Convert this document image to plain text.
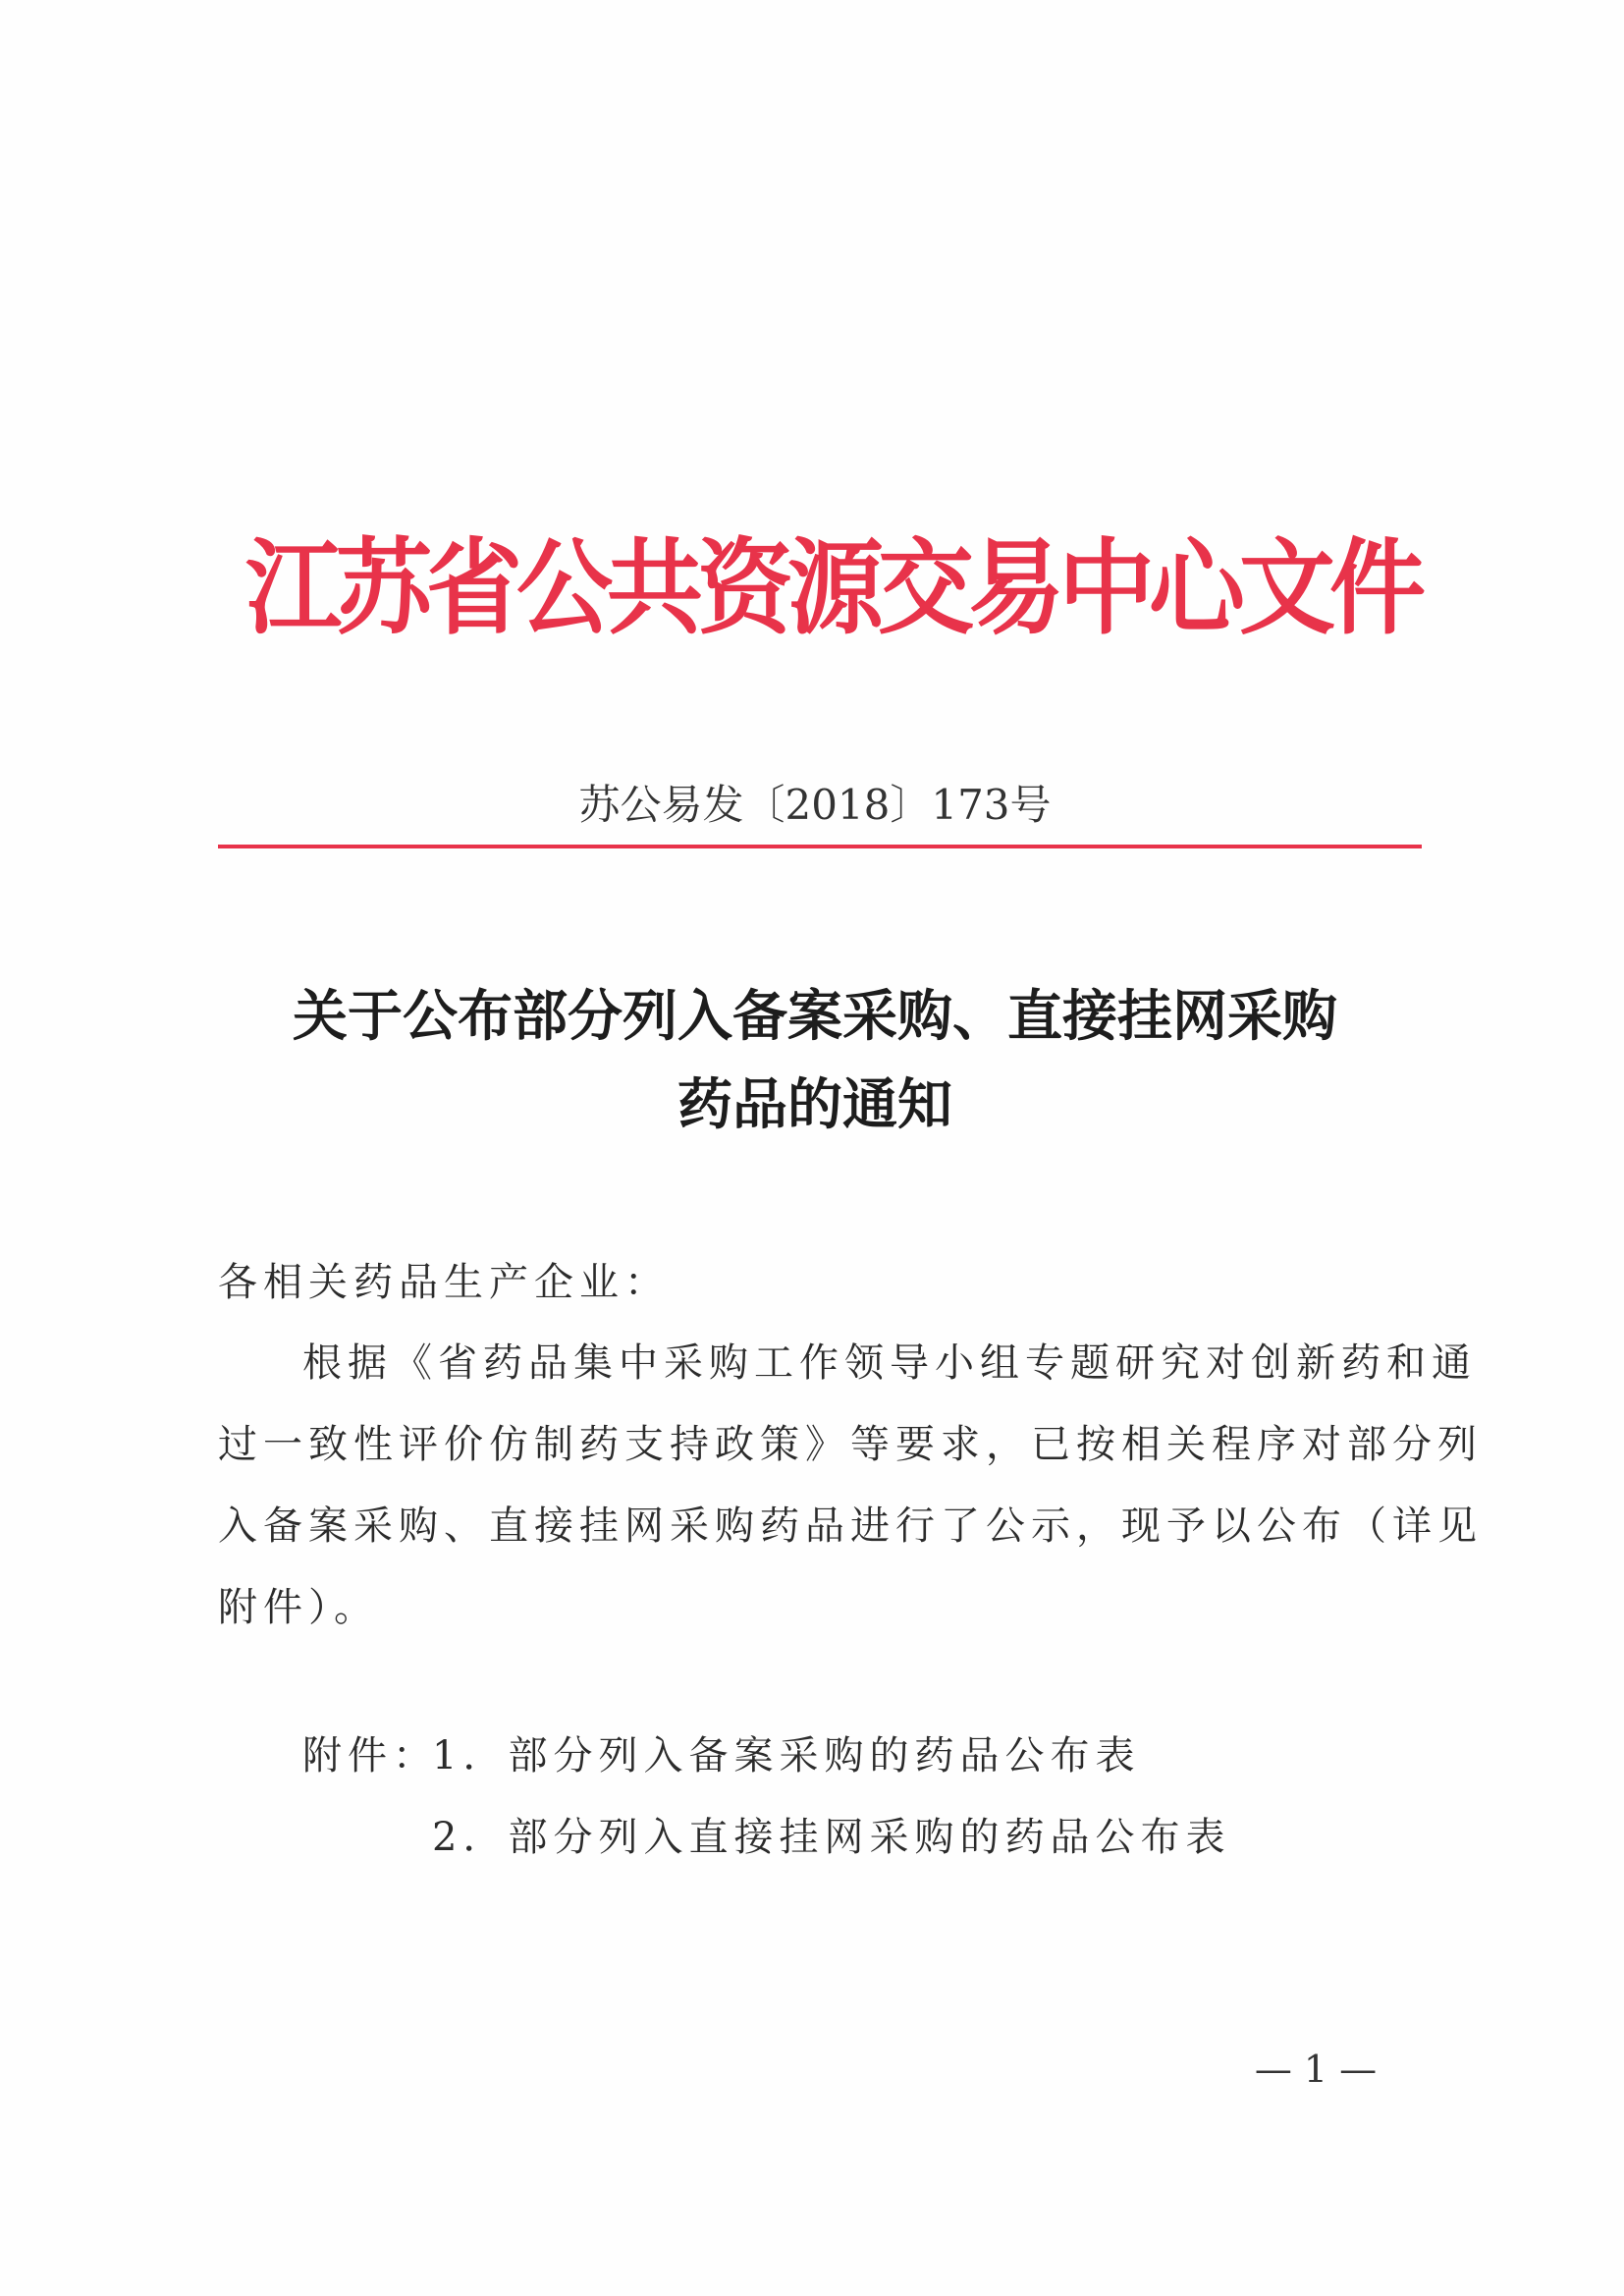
江苏省公共资源交易中心文件
苏公易发〔2018〕173号
关于公布部分列入备案采购、直接挂网采购
药品的通知
各相关药品生产企业：
根据《省药品集中采购工作领导小组专题研究对创新药和通
过一致性评价仿制药支持政策》等要求，已按相关程序对部分列
入备案采购、直接挂网采购药品进行了公示，现予以公布（详见
附件）。
附件：
1．部分列入备案采购的药品公布表
2．部分列入直接挂网采购的药品公布表
— 1 —
